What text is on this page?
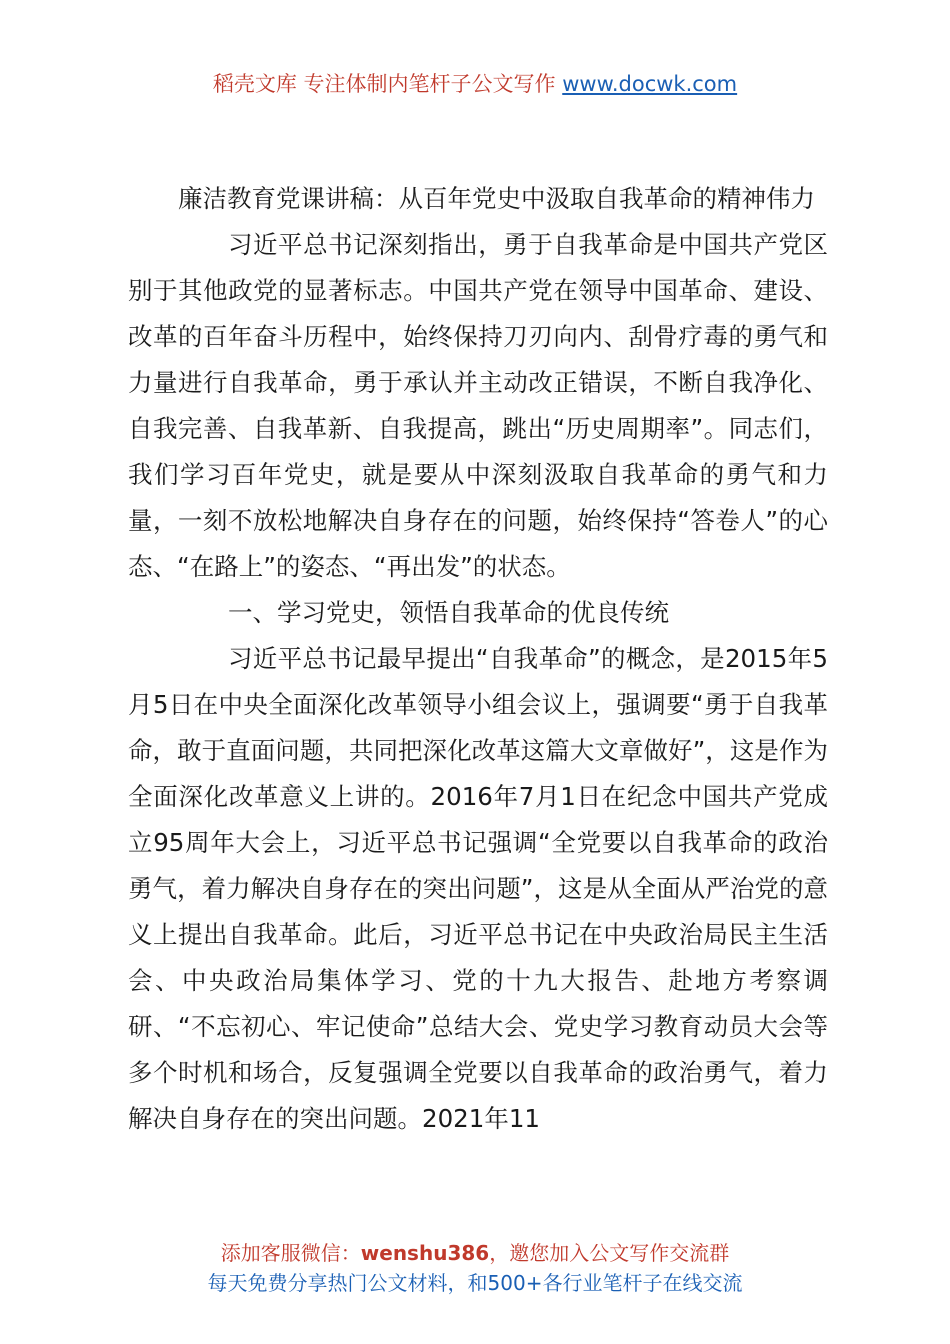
稻壳文库 专注体制内笔杆子公文写作 www.docwk.com

廉洁教育党课讲稿：从百年党史中汲取自我革命的精神伟力

习近平总书记深刻指出，勇于自我革命是中国共产党区别于其他政党的显著标志。中国共产党在领导中国革命、建设、改革的百年奋斗历程中，始终保持刀刃向内、刮骨疗毒的勇气和力量进行自我革命，勇于承认并主动改正错误，不断自我净化、自我完善、自我革新、自我提高，跳出“历史周期率”。同志们，我们学习百年党史，就是要从中深刻汲取自我革命的勇气和力量，一刻不放松地解决自身存在的问题，始终保持“答卷人”的心态、“在路上”的姿态、“再出发”的状态。

一、学习党史，领悟自我革命的优良传统

习近平总书记最早提出“自我革命”的概念，是2015年5月5日在中央全面深化改革领导小组会议上，强调要“勇于自我革命，敢于直面问题，共同把深化改革这篇大文章做好”，这是作为全面深化改革意义上讲的。2016年7月1日在纪念中国共产党成立95周年大会上，习近平总书记强调“全党要以自我革命的政治勇气，着力解决自身存在的突出问题”，这是从全面从严治党的意义上提出自我革命。此后，习近平总书记在中央政治局民主生活会、中央政治局集体学习、党的十九大报告、赴地方考察调研、“不忘初心、牢记使命”总结大会、党史学习教育动员大会等多个时机和场合，反复强调全党要以自我革命的政治勇气，着力解决自身存在的突出问题。2021年11

添加客服微信：wenshu386，邀您加入公文写作交流群
每天免费分享热门公文材料，和500+各行业笔杆子在线交流
